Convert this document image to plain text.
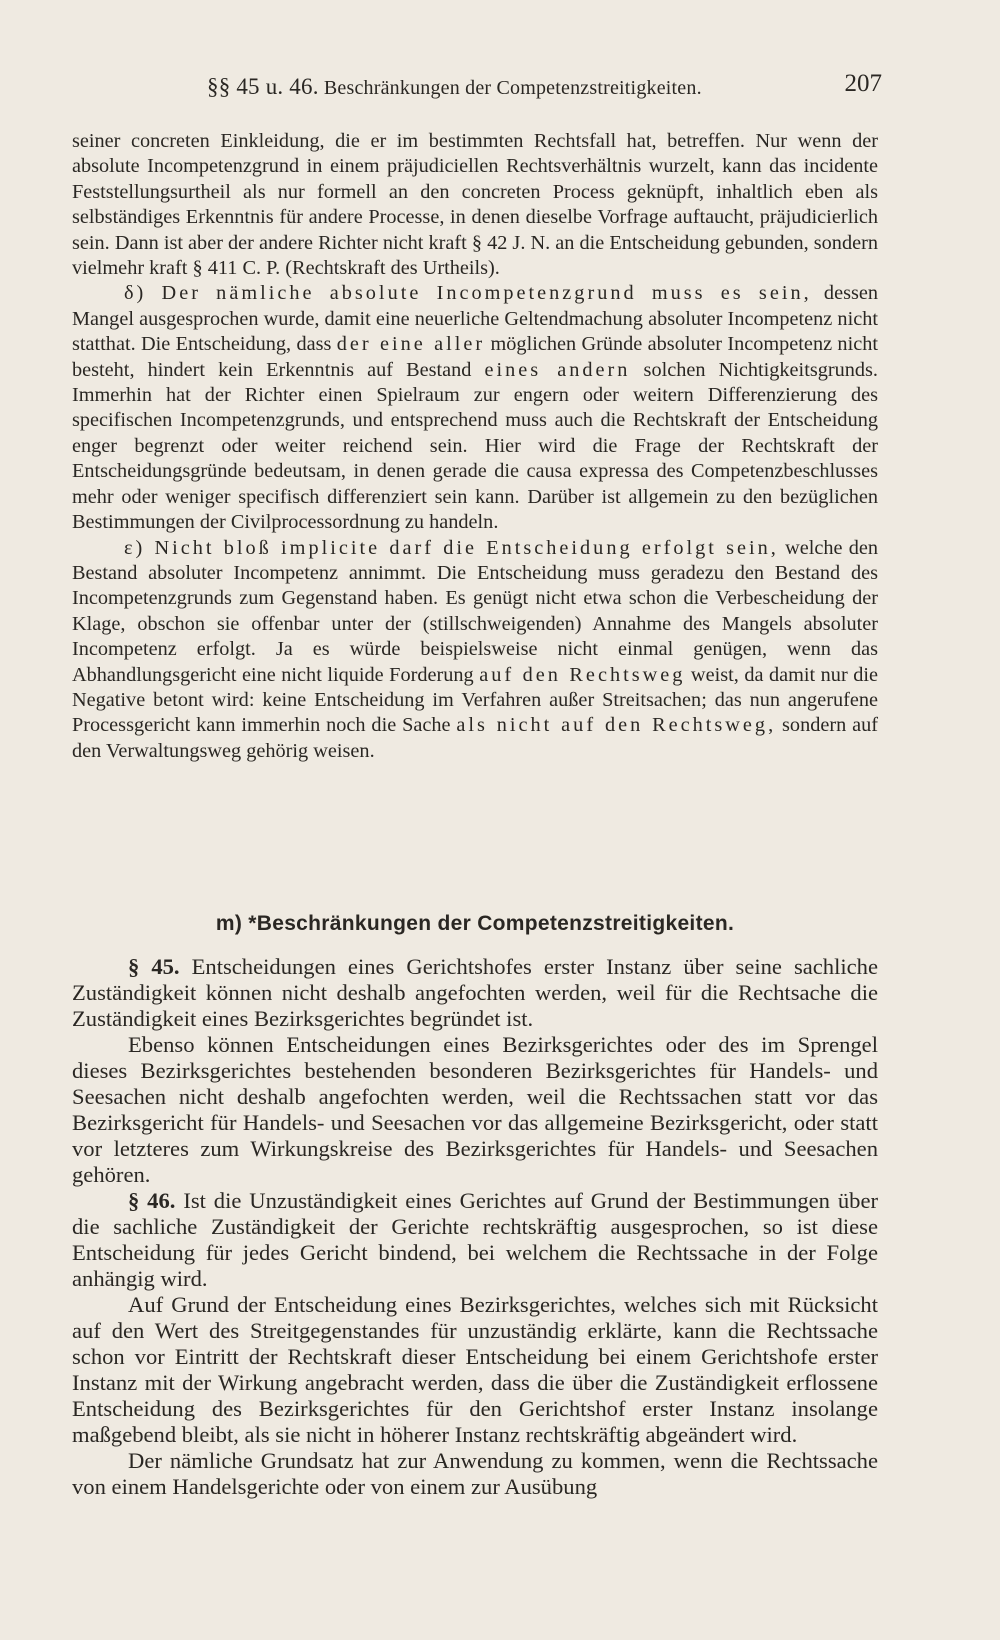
§§ 45 u. 46. Beschränkungen der Competenzstreitigkeiten.	207

seiner concreten Einkleidung, die er im bestimmten Rechtsfall hat, betreffen. Nur wenn der absolute Incompetenzgrund in einem präjudiciellen Rechtsverhältnis wurzelt, kann das incidente Feststellungsurtheil als nur formell an den concreten Process geknüpft, inhaltlich eben als selbständiges Erkenntnis für andere Processe, in denen dieselbe Vorfrage auftaucht, präjudicierlich sein. Dann ist aber der andere Richter nicht kraft § 42 J. N. an die Entscheidung gebunden, sondern vielmehr kraft § 411 C. P. (Rechtskraft des Urtheils).

δ) Der nämliche absolute Incompetenzgrund muss es sein, dessen Mangel ausgesprochen wurde, damit eine neuerliche Geltendmachung absoluter Incompetenz nicht statthat. Die Entscheidung, dass der eine aller möglichen Gründe absoluter Incompetenz nicht besteht, hindert kein Erkenntnis auf Bestand eines andern solchen Nichtigkeitsgrunds. Immerhin hat der Richter einen Spielraum zur engern oder weitern Differenzierung des specifischen Incompetenzgrunds, und entsprechend muss auch die Rechtskraft der Entscheidung enger begrenzt oder weiter reichend sein. Hier wird die Frage der Rechtskraft der Entscheidungsgründe bedeutsam, in denen gerade die causa expressa des Competenzbeschlusses mehr oder weniger specifisch differenziert sein kann. Darüber ist allgemein zu den bezüglichen Bestimmungen der Civilprocessordnung zu handeln.

ε) Nicht bloß implicite darf die Entscheidung erfolgt sein, welche den Bestand absoluter Incompetenz annimmt. Die Entscheidung muss geradezu den Bestand des Incompetenzgrunds zum Gegenstand haben. Es genügt nicht etwa schon die Verbescheidung der Klage, obschon sie offenbar unter der (stillschweigenden) Annahme des Mangels absoluter Incompetenz erfolgt. Ja es würde beispielsweise nicht einmal genügen, wenn das Abhandlungsgericht eine nicht liquide Forderung auf den Rechtsweg weist, da damit nur die Negative betont wird: keine Entscheidung im Verfahren außer Streitsachen; das nun angerufene Processgericht kann immerhin noch die Sache als nicht auf den Rechtsweg, sondern auf den Verwaltungsweg gehörig weisen.

m) *Beschränkungen der Competenzstreitigkeiten.

§ 45. Entscheidungen eines Gerichtshofes erster Instanz über seine sachliche Zuständigkeit können nicht deshalb angefochten werden, weil für die Rechtsache die Zuständigkeit eines Bezirksgerichtes begründet ist.

Ebenso können Entscheidungen eines Bezirksgerichtes oder des im Sprengel dieses Bezirksgerichtes bestehenden besonderen Bezirksgerichtes für Handels- und Seesachen nicht deshalb angefochten werden, weil die Rechtssachen statt vor das Bezirksgericht für Handels- und Seesachen vor das allgemeine Bezirksgericht, oder statt vor letzteres zum Wirkungskreise des Bezirksgerichtes für Handels- und Seesachen gehören.

§ 46. Ist die Unzuständigkeit eines Gerichtes auf Grund der Bestimmungen über die sachliche Zuständigkeit der Gerichte rechtskräftig ausgesprochen, so ist diese Entscheidung für jedes Gericht bindend, bei welchem die Rechtssache in der Folge anhängig wird.

Auf Grund der Entscheidung eines Bezirksgerichtes, welches sich mit Rücksicht auf den Wert des Streitgegenstandes für unzuständig erklärte, kann die Rechtssache schon vor Eintritt der Rechtskraft dieser Entscheidung bei einem Gerichtshofe erster Instanz mit der Wirkung angebracht werden, dass die über die Zuständigkeit erflossene Entscheidung des Bezirksgerichtes für den Gerichtshof erster Instanz insolange maßgebend bleibt, als sie nicht in höherer Instanz rechtskräftig abgeändert wird.

Der nämliche Grundsatz hat zur Anwendung zu kommen, wenn die Rechtssache von einem Handelsgerichte oder von einem zur Ausübung
